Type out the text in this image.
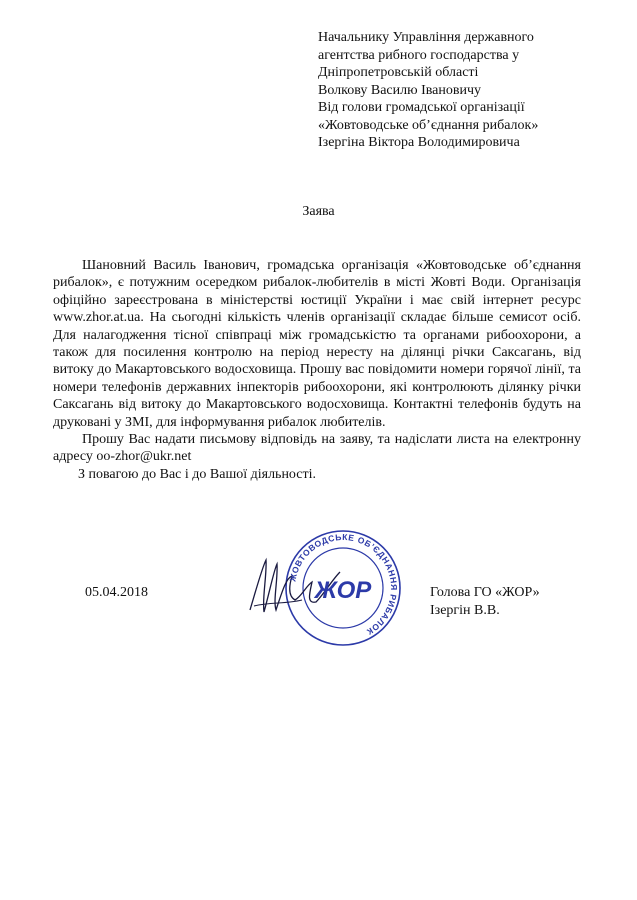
Начальнику Управління державного
агентства рибного господарства у
Дніпропетровській області
Волкову Василю Івановичу
Від голови громадської організації
«Жовтоводське об’єднання рибалок»
Ізергіна Віктора Володимировича
Заява

Шановний Василь Іванович, громадська організація «Жовтоводське об’єднання рибалок», є потужним осередком рибалок-любителів в місті Жовті Води. Організація офіційно зареєстрована в міністерстві юстиції України і має свій інтернет ресурс www.zhor.at.ua. На сьогодні кількість членів організації складає більше семисот осіб. Для налагодження тісної співпраці між громадськістю та органами рибоохорони, а також для посилення контролю на період нересту на ділянці річки Саксагань, від витоку до Макартовського водосховища. Прошу вас повідомити номери горячої лінії, та номери телефонів державних інпекторів рибоохорони, які контролюють ділянку річки Саксагань від витоку до Макартовського водосховища. Контактні телефонів будуть на друковані у ЗМІ, для інформування рибалок любителів.

Прошу Вас надати письмову відповідь на заяву, та надіслати листа на електронну адресу oo-zhor@ukr.net

З повагою до Вас і до Вашої діяльності.

05.04.2018
ЖОВТОВОДСЬКЕ ОБ’ЄДНАННЯ РИБАЛОК
ЖОР	Голова ГО «ЖОР»
Ізергін В.В.
